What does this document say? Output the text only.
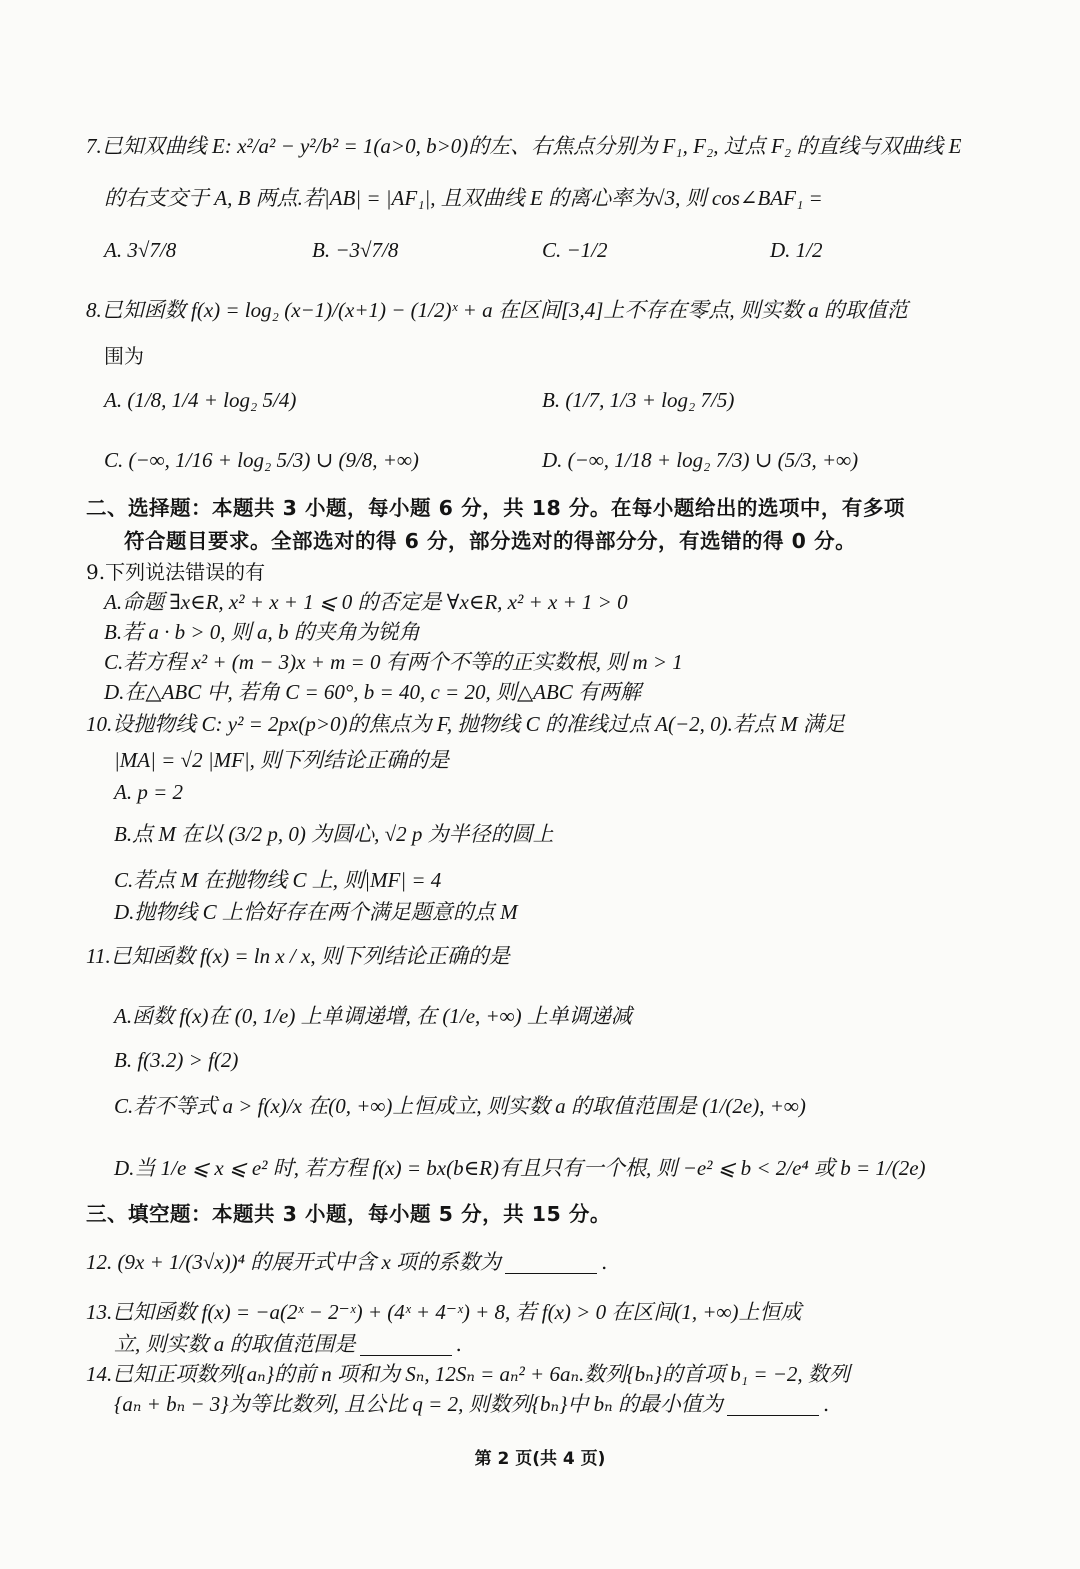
7.已知双曲线 E: x²/a² − y²/b² = 1(a>0, b>0)的左、右焦点分别为 F₁, F₂, 过点 F₂ 的直线与双曲线 E
的右支交于 A, B 两点.若|AB| = |AF₁|, 且双曲线 E 的离心率为√3, 则 cos∠BAF₁ =
A. 3√7/8	B. −3√7/8	C. −1/2	D. 1/2
8.已知函数 f(x) = log₂ (x−1)/(x+1) − (1/2)ˣ + a 在区间[3,4]上不存在零点, 则实数 a 的取值范
围为
A. (1/8, 1/4 + log₂ 5/4)	B. (1/7, 1/3 + log₂ 7/5)
C. (−∞, 1/16 + log₂ 5/3) ∪ (9/8, +∞)	D. (−∞, 1/18 + log₂ 7/3) ∪ (5/3, +∞)
二、选择题：本题共 3 小题，每小题 6 分，共 18 分。在每小题给出的选项中，有多项
符合题目要求。全部选对的得 6 分，部分选对的得部分分，有选错的得 0 分。
9.下列说法错误的有
A.命题 ∃x∈R, x² + x + 1 ⩽ 0 的否定是 ∀x∈R, x² + x + 1 > 0
B.若 a · b > 0, 则 a, b 的夹角为锐角
C.若方程 x² + (m − 3)x + m = 0 有两个不等的正实数根, 则 m > 1
D.在△ABC 中, 若角 C = 60°, b = 40, c = 20, 则△ABC 有两解
10.设抛物线 C: y² = 2px(p>0)的焦点为 F, 抛物线 C 的准线过点 A(−2, 0).若点 M 满足
|MA| = √2 |MF|, 则下列结论正确的是
A. p = 2
B.点 M 在以 (3/2 p, 0) 为圆心, √2 p 为半径的圆上
C.若点 M 在抛物线 C 上, 则|MF| = 4
D.抛物线 C 上恰好存在两个满足题意的点 M
11.已知函数 f(x) = ln x / x, 则下列结论正确的是
A.函数 f(x)在 (0, 1/e) 上单调递增, 在 (1/e, +∞) 上单调递减
B. f(3.2) > f(2)
C.若不等式 a > f(x)/x 在(0, +∞)上恒成立, 则实数 a 的取值范围是 (1/(2e), +∞)
D.当 1/e ⩽ x ⩽ e² 时, 若方程 f(x) = bx(b∈R)有且只有一个根, 则 −e² ⩽ b < 2/e⁴ 或 b = 1/(2e)
三、填空题：本题共 3 小题，每小题 5 分，共 15 分。
12. (9x + 1/(3√x))⁴ 的展开式中含 x 项的系数为	.
13.已知函数 f(x) = −a(2ˣ − 2⁻ˣ) + (4ˣ + 4⁻ˣ) + 8, 若 f(x) > 0 在区间(1, +∞)上恒成
立, 则实数 a 的取值范围是	.
14.已知正项数列{aₙ}的前 n 项和为 Sₙ, 12Sₙ = aₙ² + 6aₙ.数列{bₙ}的首项 b₁ = −2, 数列
{aₙ + bₙ − 3}为等比数列, 且公比 q = 2, 则数列{bₙ}中 bₙ 的最小值为	.
第 2 页(共 4 页)
